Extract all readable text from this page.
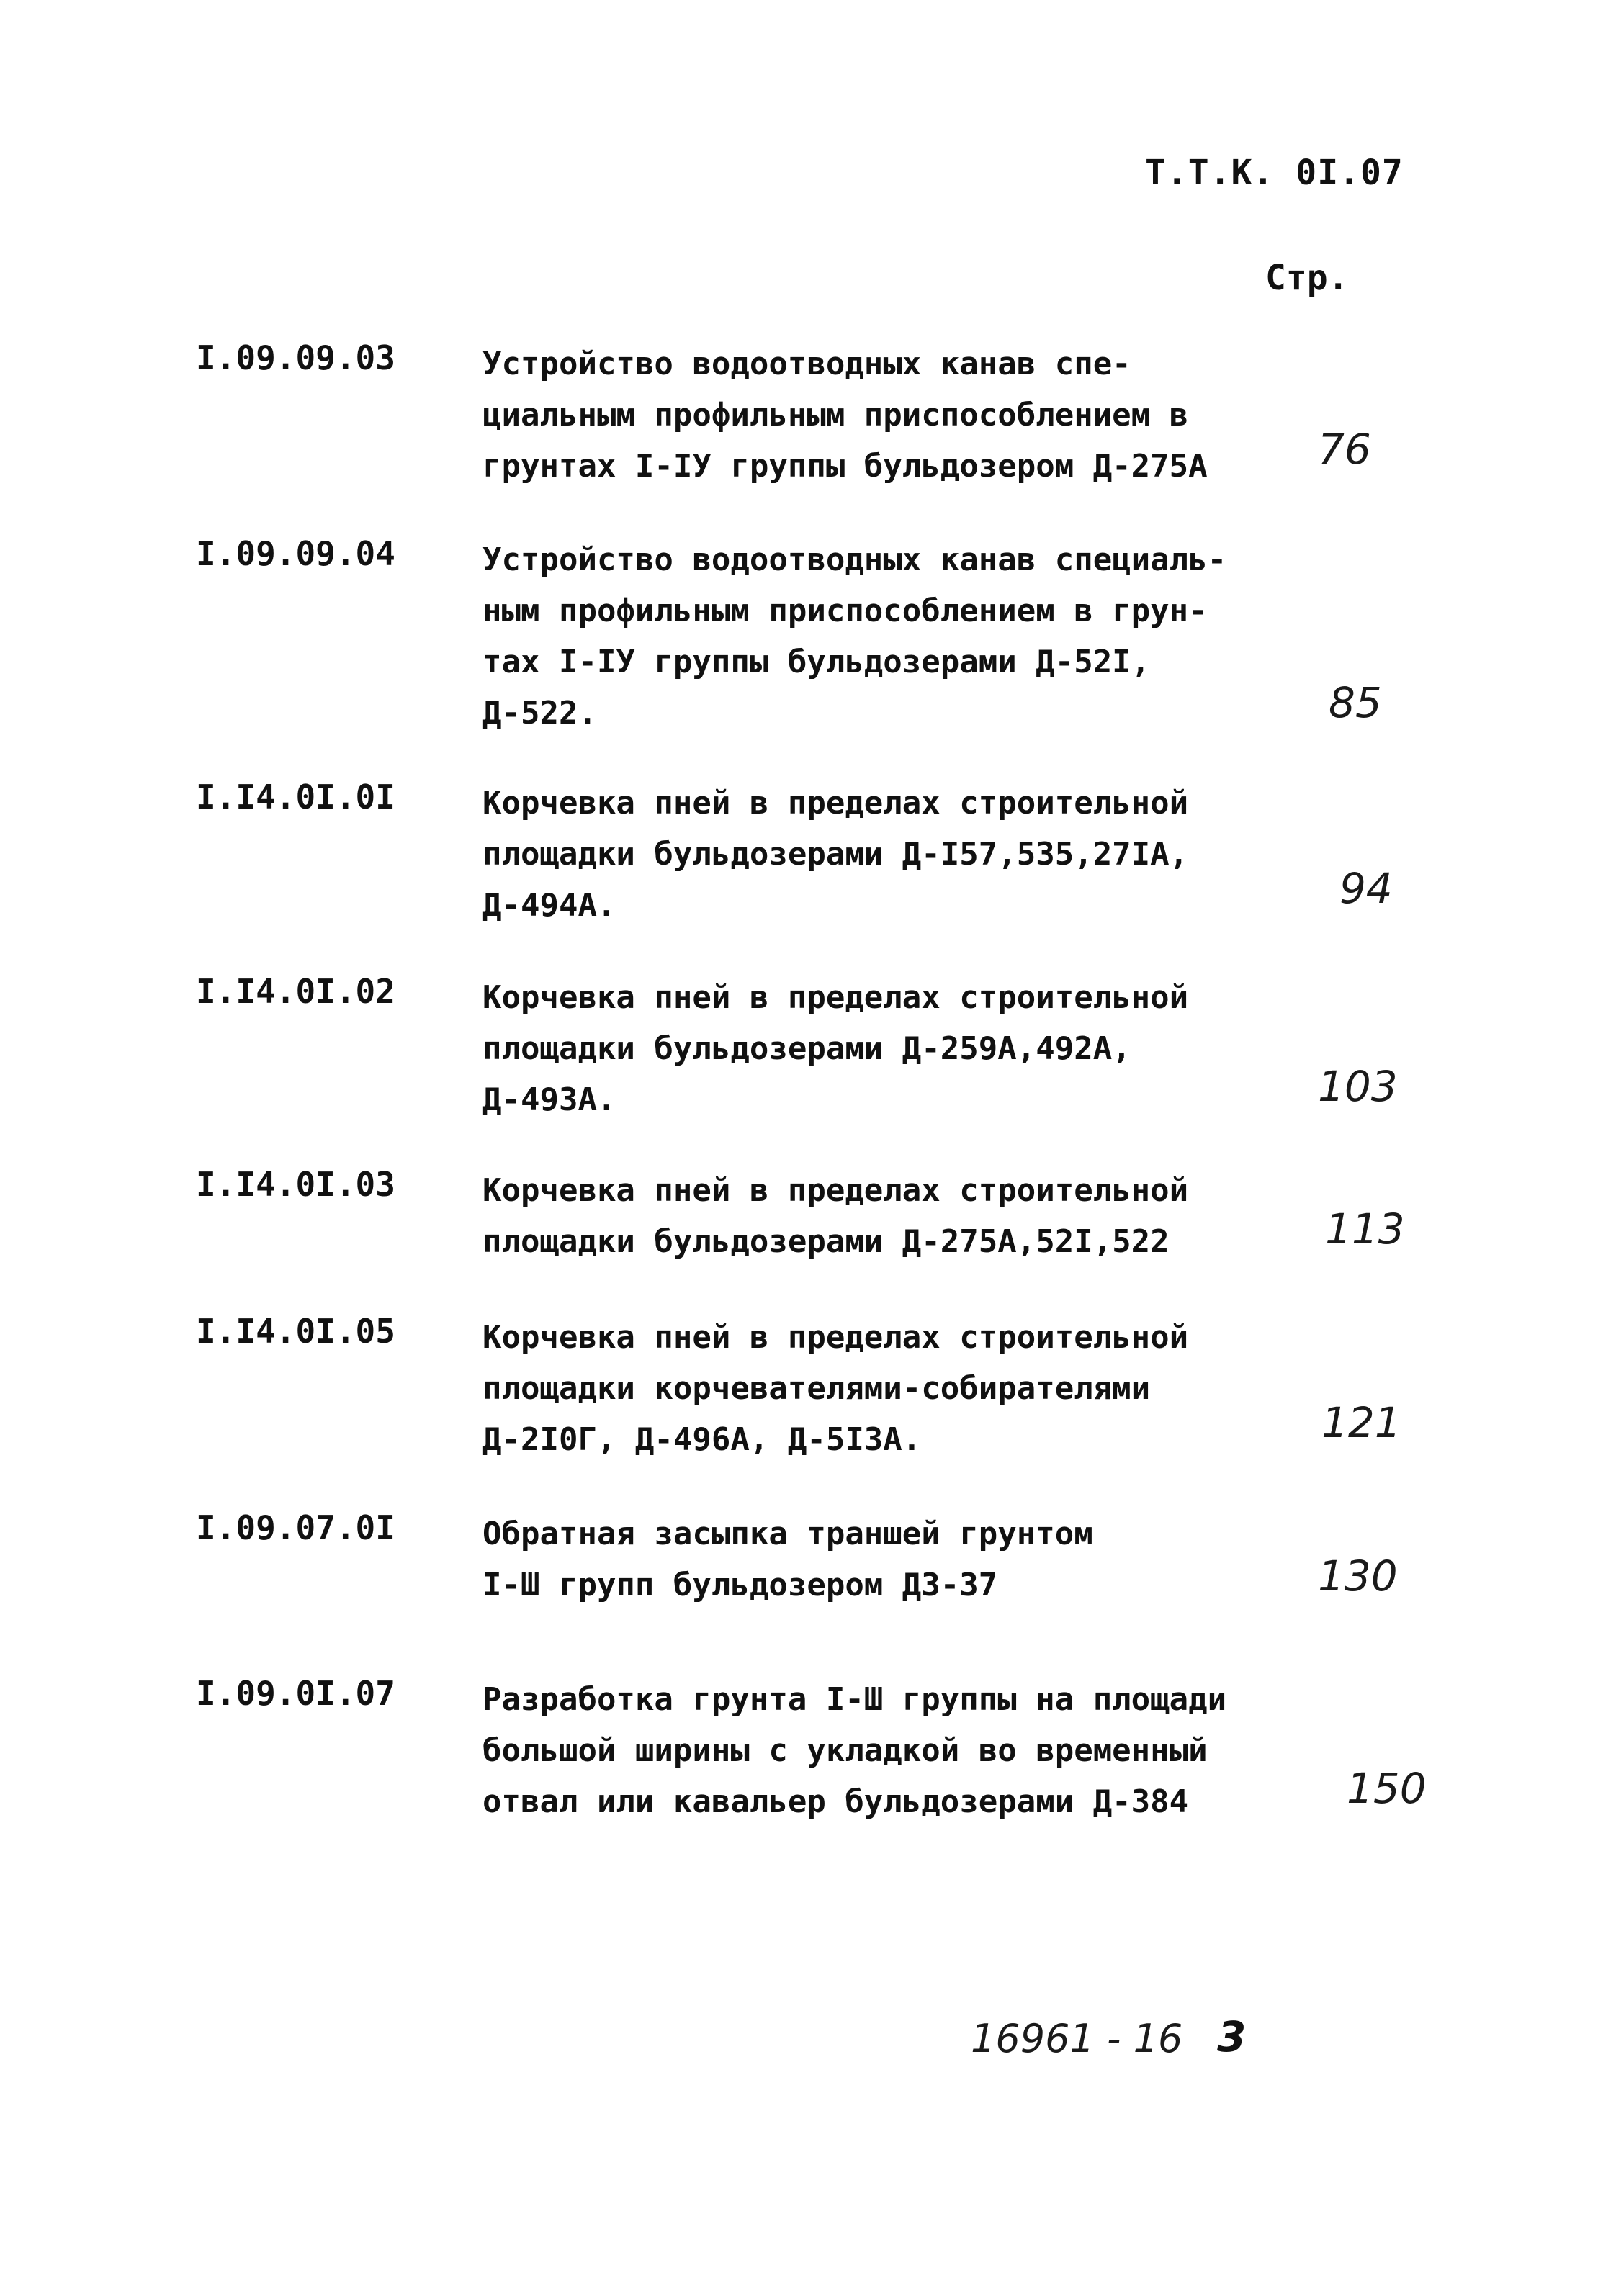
Т.Т.К. 0I.07
Стр.
I.09.09.03	Устройство водоотводных канав спе-
циальным профильным приспособлением в
грунтах I-IУ группы бульдозером Д-275А	76
I.09.09.04	Устройство водоотводных канав специаль-
ным профильным приспособлением в грун-
тах I-IУ группы бульдозерами Д-52I,
Д-522.	85
I.I4.0I.0I	Корчевка пней в пределах строительной
площадки бульдозерами Д-I57,535,27IА,
Д-494А.	94
I.I4.0I.02	Корчевка пней в пределах строительной
площадки бульдозерами Д-259А,492А,
Д-493А.	103
I.I4.0I.03	Корчевка пней в пределах строительной
площадки бульдозерами Д-275А,52I,522	113
I.I4.0I.05	Корчевка пней в пределах строительной
площадки корчевателями-собирателями
Д-2I0Г, Д-496А, Д-5I3А.	121
I.09.07.0I	Обратная засыпка траншей грунтом
I-Ш групп бульдозером ДЗ-37	130
I.09.0I.07	Разработка грунта I-Ш группы на площади
большой ширины с укладкой во временный
отвал или кавальер бульдозерами Д-384	150
16961 - 16 3
